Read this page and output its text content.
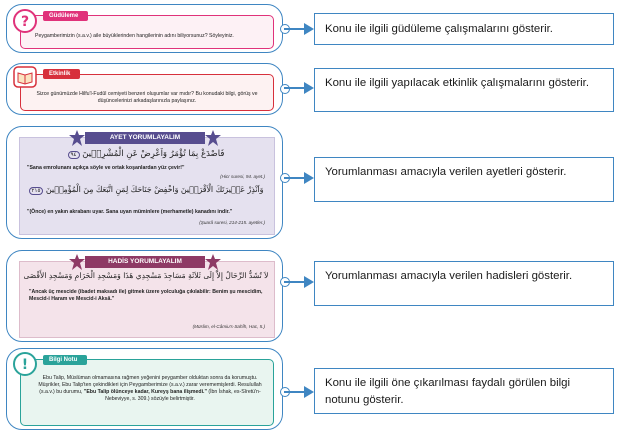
Güdüleme
?
Peygamberimizin (s.a.v.) aile büyüklerinden hangilerinin adını biliyorsunuz? Söyleyiniz.
Etkinlik
Sizce günümüzde Hilfu'l-Fudûl cemiyeti benzeri oluşumlar var mıdır? Bu konudaki bilgi, görüş ve düşüncelerinizi arkadaşlarınızla paylaşınız.
AYET YORUMLAYALIM
فَاصْدَعْ بِمَا تُؤْمَرُ وَاَعْرِضْ عَنِ الْمُشْرِك۪ينَ ٩٤
"Sana emrolunanı açıkça söyle ve ortak koşanlardan yüz çevir!"
(Hicr suresi, 94. ayet.)
وَاَنْذِرْ عَش۪يرَتَكَ الْاَقْرَب۪ينَ وَاخْفِضْ جَنَاحَكَ لِمَنِ اتَّبَعَكَ مِنَ الْمُؤْمِن۪ينَ ٢١٥
"(Önce) en yakın akrabanı uyar. Sana uyan müminlere (merhametle) kanadını indir."
(Şuarâ suresi, 214-215. ayetler.)
HADİS YORUMLAYALIM
لاَ تُشَدُّ الرِّحَالُ إِلاَّ إِلَى ثَلاَثَةِ مَسَاجِدَ مَسْجِدِي هَذَا وَمَسْجِدِ الْحَرَامِ وَمَسْجِدِ الأَقْصَى
"Ancak üç mescide (ibadet maksadı ile) gitmek üzere yolculuğa çıkılabilir: Benim şu mescidim, Mescid-i Haram ve Mescid-i Aksâ."
(Müslim, el-Câmiu's-Sahîh, Hac, 5.)
Bilgi Notu
!
Ebu Talip, Müslüman olmamasına rağmen yeğenini peygamber olduktan sonra da korumuştu. Müşrikler, Ebu Talip'ten çekindikleri için Peygamberimize (s.a.v.) zarar verememişlerdi. Resulullah (s.a.v.) bu durumu, "Ebu Talip ölünceye kadar, Kureyş bana ilişmedi." (İbn İshak, es-Sîretü'n-Nebeviyye, s. 309.) sözüyle belirtmiştir.
Konu ile ilgili güdüleme çalışmalarını gösterir.
Konu ile ilgili yapılacak etkinlik çalışmalarını gösterir.
Yorumlanması amacıyla verilen ayetleri gösterir.
Yorumlanması amacıyla verilen hadisleri gösterir.
Konu ile ilgili öne çıkarılması faydalı görülen bilgi notunu gösterir.
